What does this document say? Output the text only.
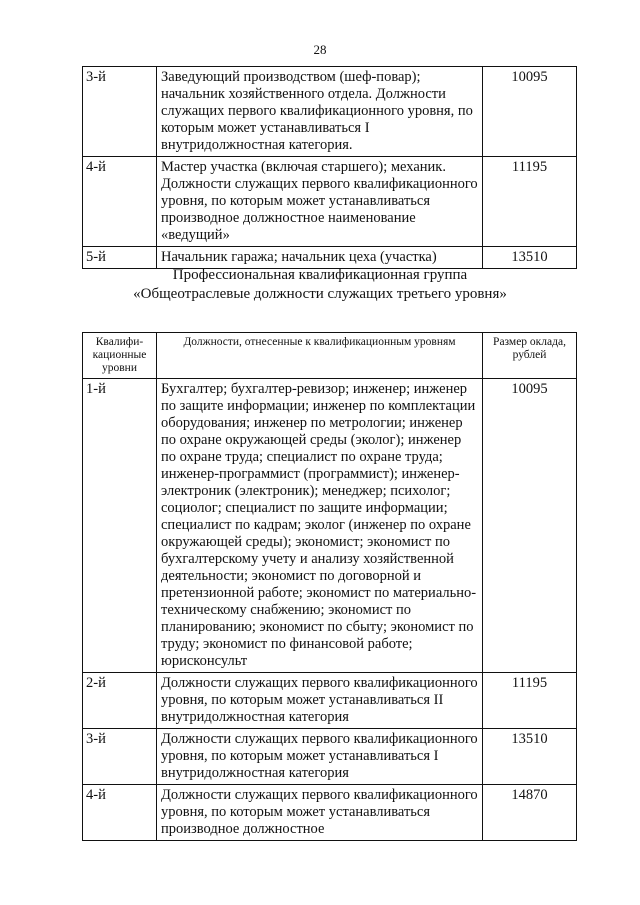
28
3-й	Заведующий производством (шеф-повар); начальник хозяйственного отдела. Должности служащих первого квалификационного уровня, по которым может устанавливаться I внутридолжностная категория.	10095
4-й	Мастер участка (включая старшего); механик. Должности служащих первого квалификационного уровня, по которым может устанавливаться производное должностное наименование «ведущий»	11195
5-й	Начальник гаража; начальник цеха (участка)	13510
Профессиональная квалификационная группа
«Общеотраслевые должности служащих третьего уровня»
Квалифи-кационные уровни	Должности, отнесенные к квалификационным уровням	Размер оклада, рублей
1-й	Бухгалтер; бухгалтер-ревизор; инженер; инженер по защите информации; инженер по комплектации оборудования; инженер по метрологии; инженер по охране окружающей среды (эколог); инженер по охране труда; специалист по охране труда; инженер-программист (программист); инженер-электроник (электроник); менеджер; психолог; социолог; специалист по защите информации; специалист по кадрам; эколог (инженер по охране окружающей среды); экономист; экономист по бухгалтерскому учету и анализу хозяйственной деятельности; экономист по договорной и претензионной работе; экономист по материально-техническому снабжению; экономист по планированию; экономист по сбыту; экономист по труду; экономист по финансовой работе; юрисконсульт	10095
2-й	Должности служащих первого квалификационного уровня, по которым может устанавливаться II внутридолжностная категория	11195
3-й	Должности служащих первого квалификационного уровня, по которым может устанавливаться I внутридолжностная категория	13510
4-й	Должности служащих первого квалификационного уровня, по которым может устанавливаться производное должностное	14870
